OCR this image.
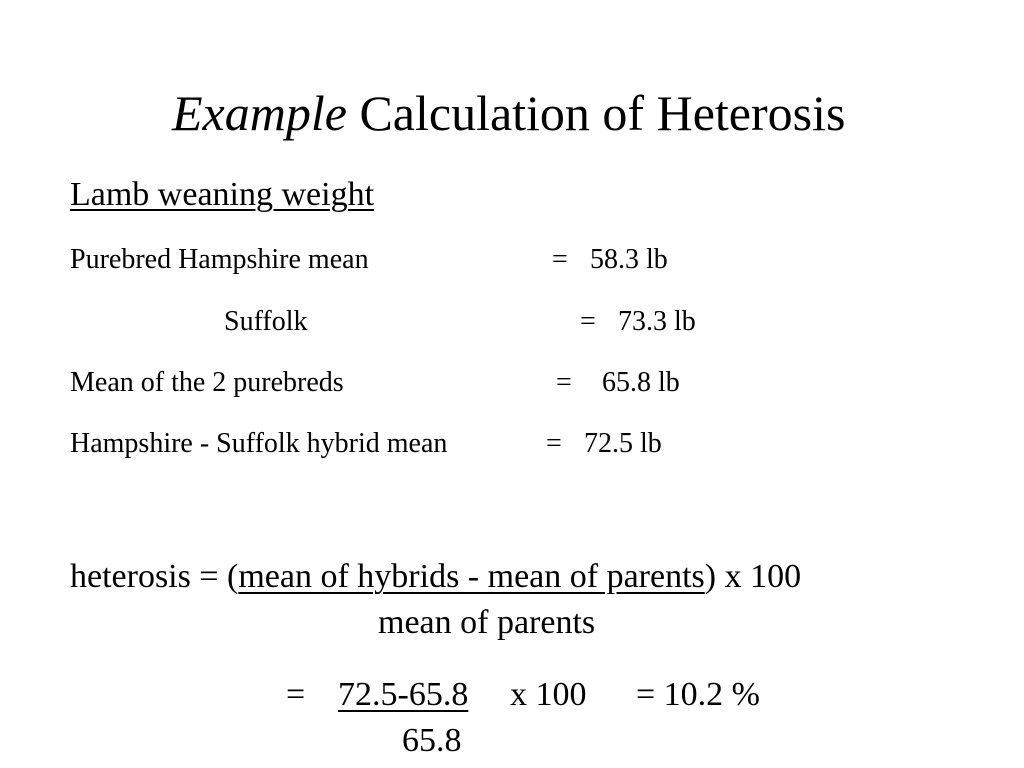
Example Calculation of Heterosis
Lamb weaning weight
Purebred Hampshire mean	= 58.3 lb
Suffolk	= 73.3 lb
Mean of the 2 purebreds	= 65.8 lb
Hampshire - Suffolk hybrid mean	= 72.5 lb
heterosis = (mean of hybrids - mean of parents) x 100
mean of parents
= 72.5-65.8 x 100 = 10.2 %
65.8
